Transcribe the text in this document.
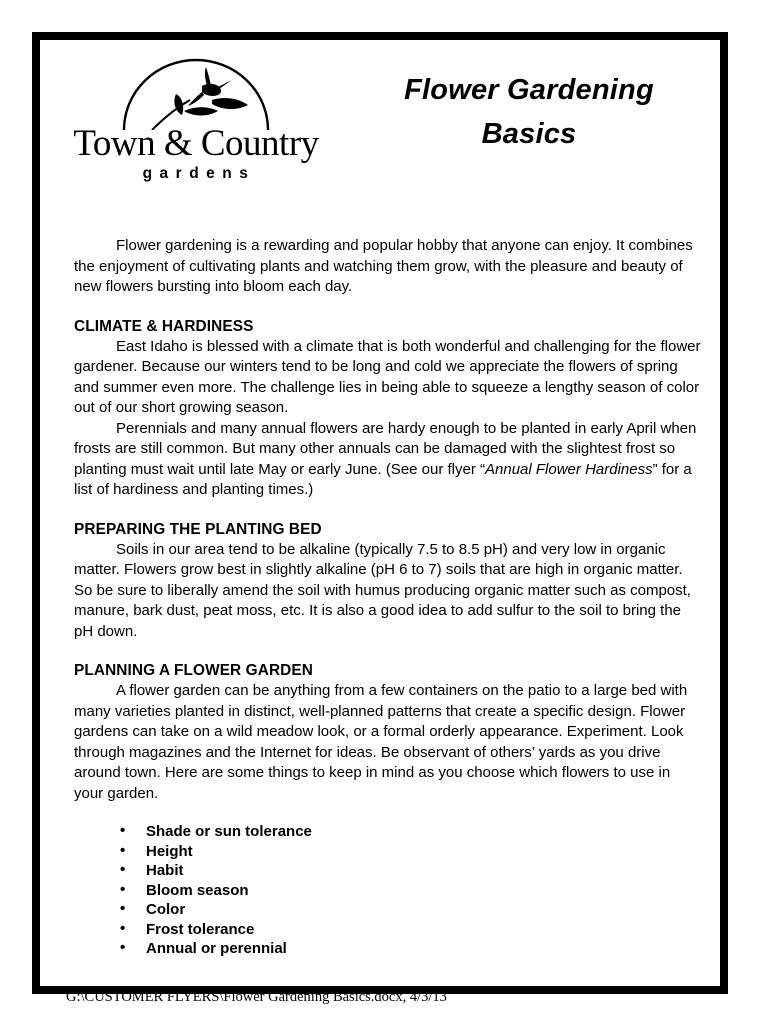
Town & Country
gardens
Flower Gardening
Basics

Flower gardening is a rewarding and popular hobby that anyone can enjoy. It combines the enjoyment of cultivating plants and watching them grow, with the pleasure and beauty of new flowers bursting into bloom each day.

CLIMATE & HARDINESS

East Idaho is blessed with a climate that is both wonderful and challenging for the flower gardener. Because our winters tend to be long and cold we appreciate the flowers of spring and summer even more. The challenge lies in being able to squeeze a lengthy season of color out of our short growing season.

Perennials and many annual flowers are hardy enough to be planted in early April when frosts are still common. But many other annuals can be damaged with the slightest frost so planting must wait until late May or early June. (See our flyer “Annual Flower Hardiness” for a list of hardiness and planting times.)

PREPARING THE PLANTING BED

Soils in our area tend to be alkaline (typically 7.5 to 8.5 pH) and very low in organic matter. Flowers grow best in slightly alkaline (pH 6 to 7) soils that are high in organic matter. So be sure to liberally amend the soil with humus producing organic matter such as compost, manure, bark dust, peat moss, etc. It is also a good idea to add sulfur to the soil to bring the pH down.

PLANNING A FLOWER GARDEN

A flower garden can be anything from a few containers on the patio to a large bed with many varieties planted in distinct, well-planned patterns that create a specific design. Flower gardens can take on a wild meadow look, or a formal orderly appearance. Experiment. Look through magazines and the Internet for ideas. Be observant of others’ yards as you drive around town. Here are some things to keep in mind as you choose which flowers to use in your garden.

• Shade or sun tolerance
• Height
• Habit
• Bloom season
• Color
• Frost tolerance
• Annual or perennial
G:\CUSTOMER FLYERS\Flower Gardening Basics.docx, 4/3/13
